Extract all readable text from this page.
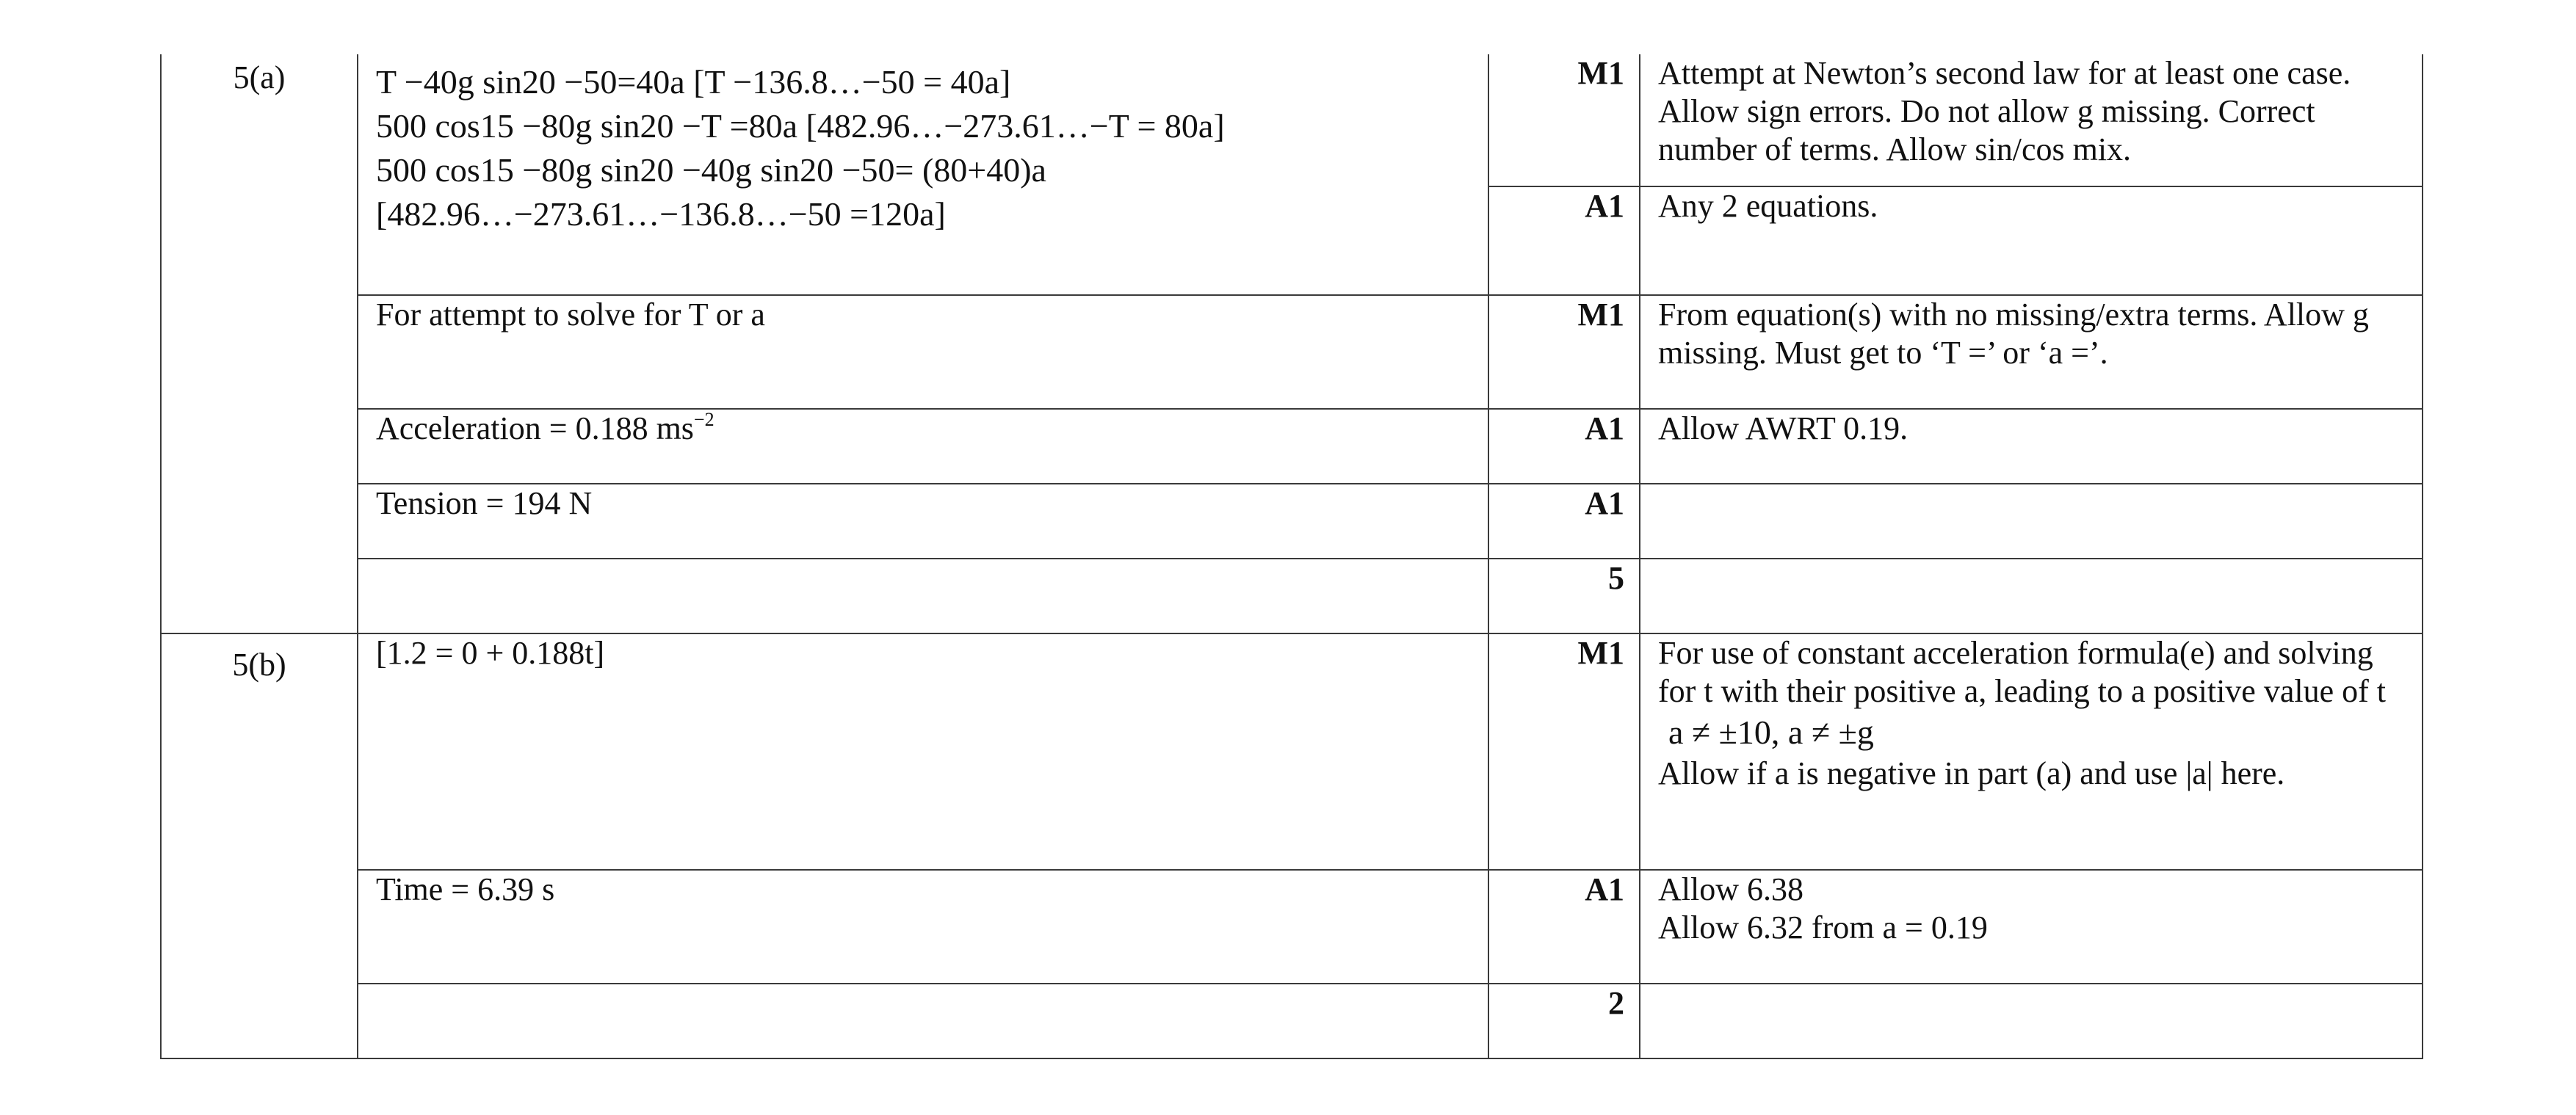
5(a)	T −40g sin20 −50=40a [T −136.8…−50 = 40a]
500 cos15 −80g sin20 −T =80a [482.96…−273.61…−T = 80a]
500 cos15 −80g sin20 −40g sin20 −50= (80+40)a
[482.96…−273.61…−136.8…−50 =120a]	M1	Attempt at Newton’s second law for at least one case. Allow sign errors. Do not allow g missing. Correct number of terms. Allow sin/cos mix.
		A1	Any 2 equations.
	For attempt to solve for T or a	M1	From equation(s) with no missing/extra terms. Allow g missing. Must get to ‘T =’ or ‘a =’.
	Acceleration = 0.188 $ms^{-2}$	A1	Allow AWRT 0.19.
	Tension = 194 N	A1	
		5	
5(b)	[1.2 = 0 + 0.188t]	M1	For use of constant acceleration formula(e) and solving for t with their positive a, leading to a positive value of t
a ≠ ±10, a ≠ ±g
Allow if a is negative in part (a) and use |a| here.

	Time = 6.39 s	A1	Allow 6.38
Allow 6.32 from a = 0.19

		2	
